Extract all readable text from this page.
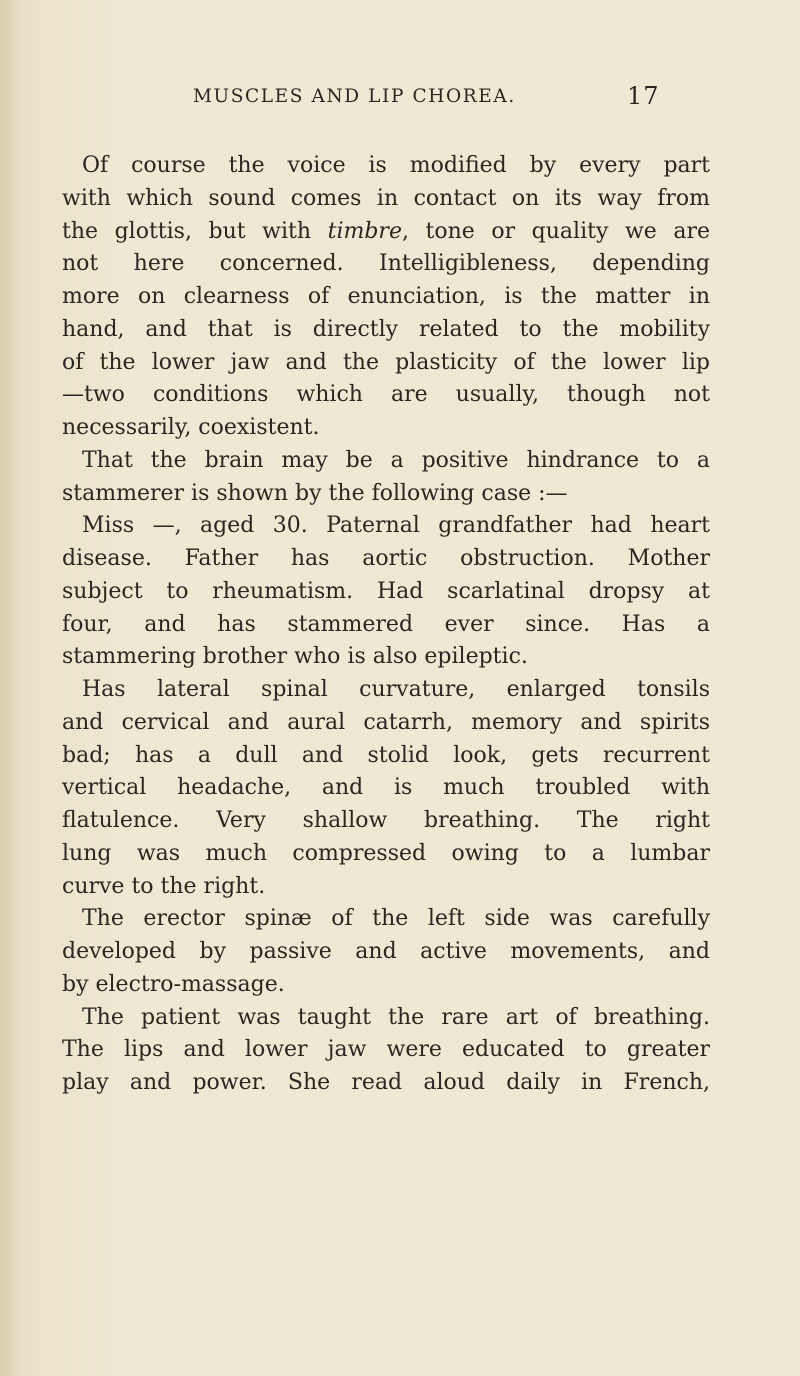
MUSCLES AND LIP CHOREA.	17
Of course the voice is modified by every part
with which sound comes in contact on its way from
the glottis, but with timbre, tone or quality we are
not here concerned. Intelligibleness, depending
more on clearness of enunciation, is the matter in
hand, and that is directly related to the mobility
of the lower jaw and the plasticity of the lower lip
—two conditions which are usually, though not
necessarily, coexistent.
That the brain may be a positive hindrance to a
stammerer is shown by the following case :—
Miss —, aged 30. Paternal grandfather had heart
disease. Father has aortic obstruction. Mother
subject to rheumatism. Had scarlatinal dropsy at
four, and has stammered ever since. Has a
stammering brother who is also epileptic.
Has lateral spinal curvature, enlarged tonsils
and cervical and aural catarrh, memory and spirits
bad; has a dull and stolid look, gets recurrent
vertical headache, and is much troubled with
flatulence. Very shallow breathing. The right
lung was much compressed owing to a lumbar
curve to the right.
The erector spinæ of the left side was carefully
developed by passive and active movements, and
by electro-massage.
The patient was taught the rare art of breathing.
The lips and lower jaw were educated to greater
play and power. She read aloud daily in French,
